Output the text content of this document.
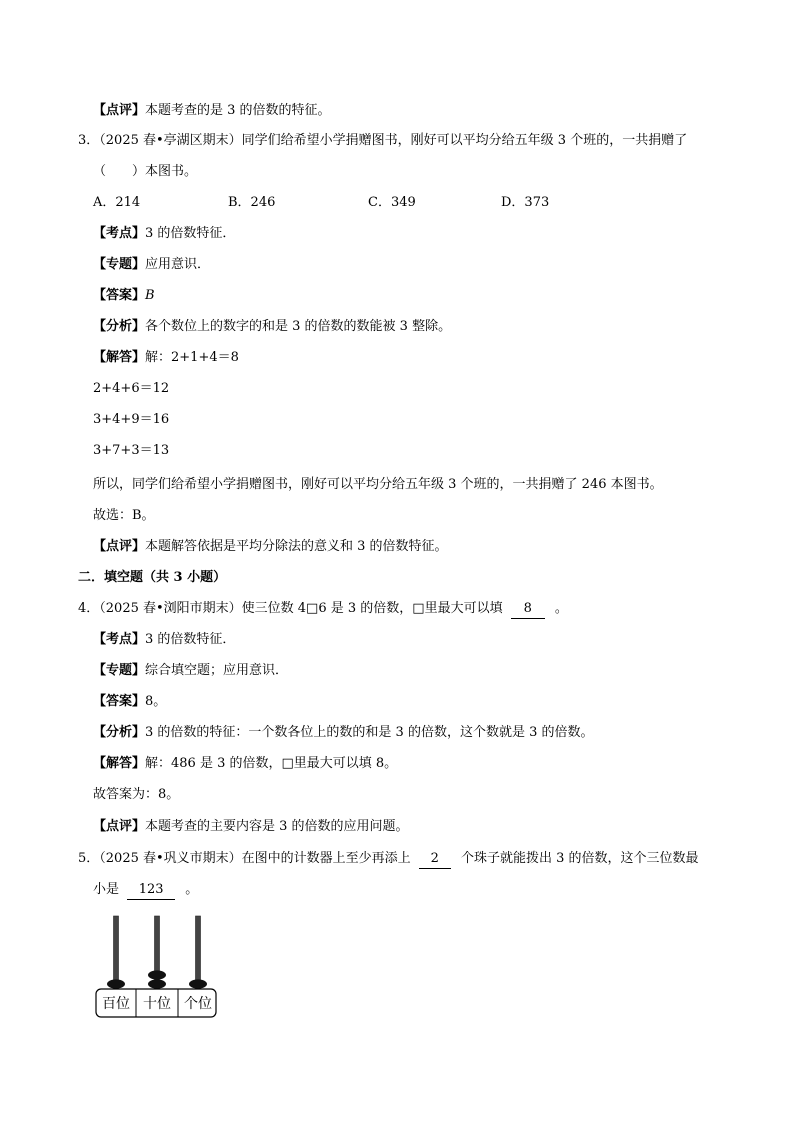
【点评】本题考查的是 3 的倍数的特征。
3．（2025 春•亭湖区期末）同学们给希望小学捐赠图书，刚好可以平均分给五年级 3 个班的，一共捐赠了
（　　）本图书。
A．214	B．246	C．349	D．373
【考点】3 的倍数特征．
【专题】应用意识．
【答案】B
【分析】各个数位上的数字的和是 3 的倍数的数能被 3 整除。
【解答】解：2+1+4＝8
2+4+6＝12
3+4+9＝16
3+7+3＝13
所以，同学们给希望小学捐赠图书，刚好可以平均分给五年级 3 个班的，一共捐赠了 246 本图书。
故选：B。
【点评】本题解答依据是平均分除法的意义和 3 的倍数特征。
二．填空题（共 3 小题）
4．（2025 春•浏阳市期末）使三位数 4□6 是 3 的倍数，□里最大可以填 8 。
【考点】3 的倍数特征．
【专题】综合填空题；应用意识．
【答案】8。
【分析】3 的倍数的特征：一个数各位上的数的和是 3 的倍数，这个数就是 3 的倍数。
【解答】解：486 是 3 的倍数，□里最大可以填 8。
故答案为：8。
【点评】本题考查的主要内容是 3 的倍数的应用问题。
5．（2025 春•巩义市期末）在图中的计数器上至少再添上 2 个珠子就能拨出 3 的倍数，这个三位数最
小是 123 。
百位 十位 个位
